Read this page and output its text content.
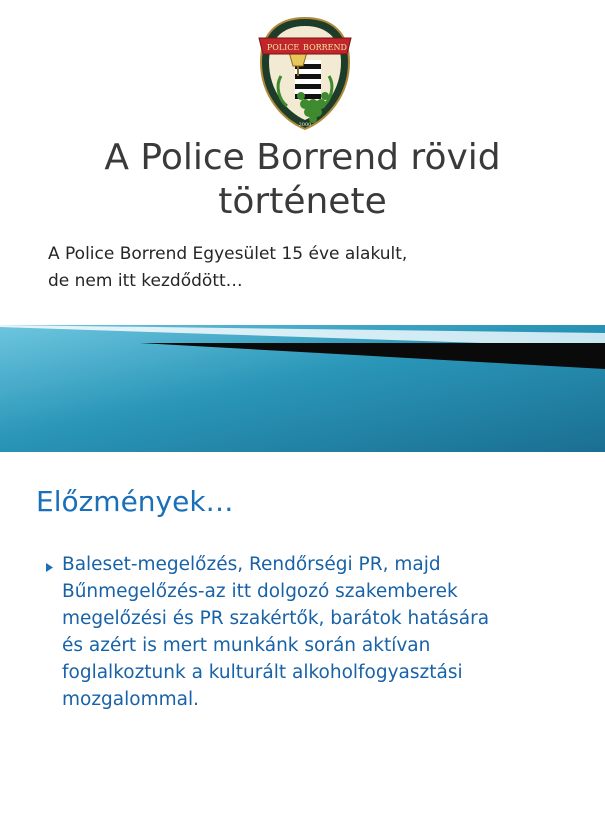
POLICE BORREND
2000
A Police Borrend rövid
története

A Police Borrend Egyesület 15 éve alakult,
de nem itt kezdődött…

Előzmények…

Baleset-megelőzés, Rendőrségi PR, majd
Bűnmegelőzés-az itt dolgozó szakemberek
megelőzési és PR szakértők, barátok hatására
és azért is mert munkánk során aktívan
foglalkoztunk a kulturált alkoholfogyasztási
mozgalommal.
